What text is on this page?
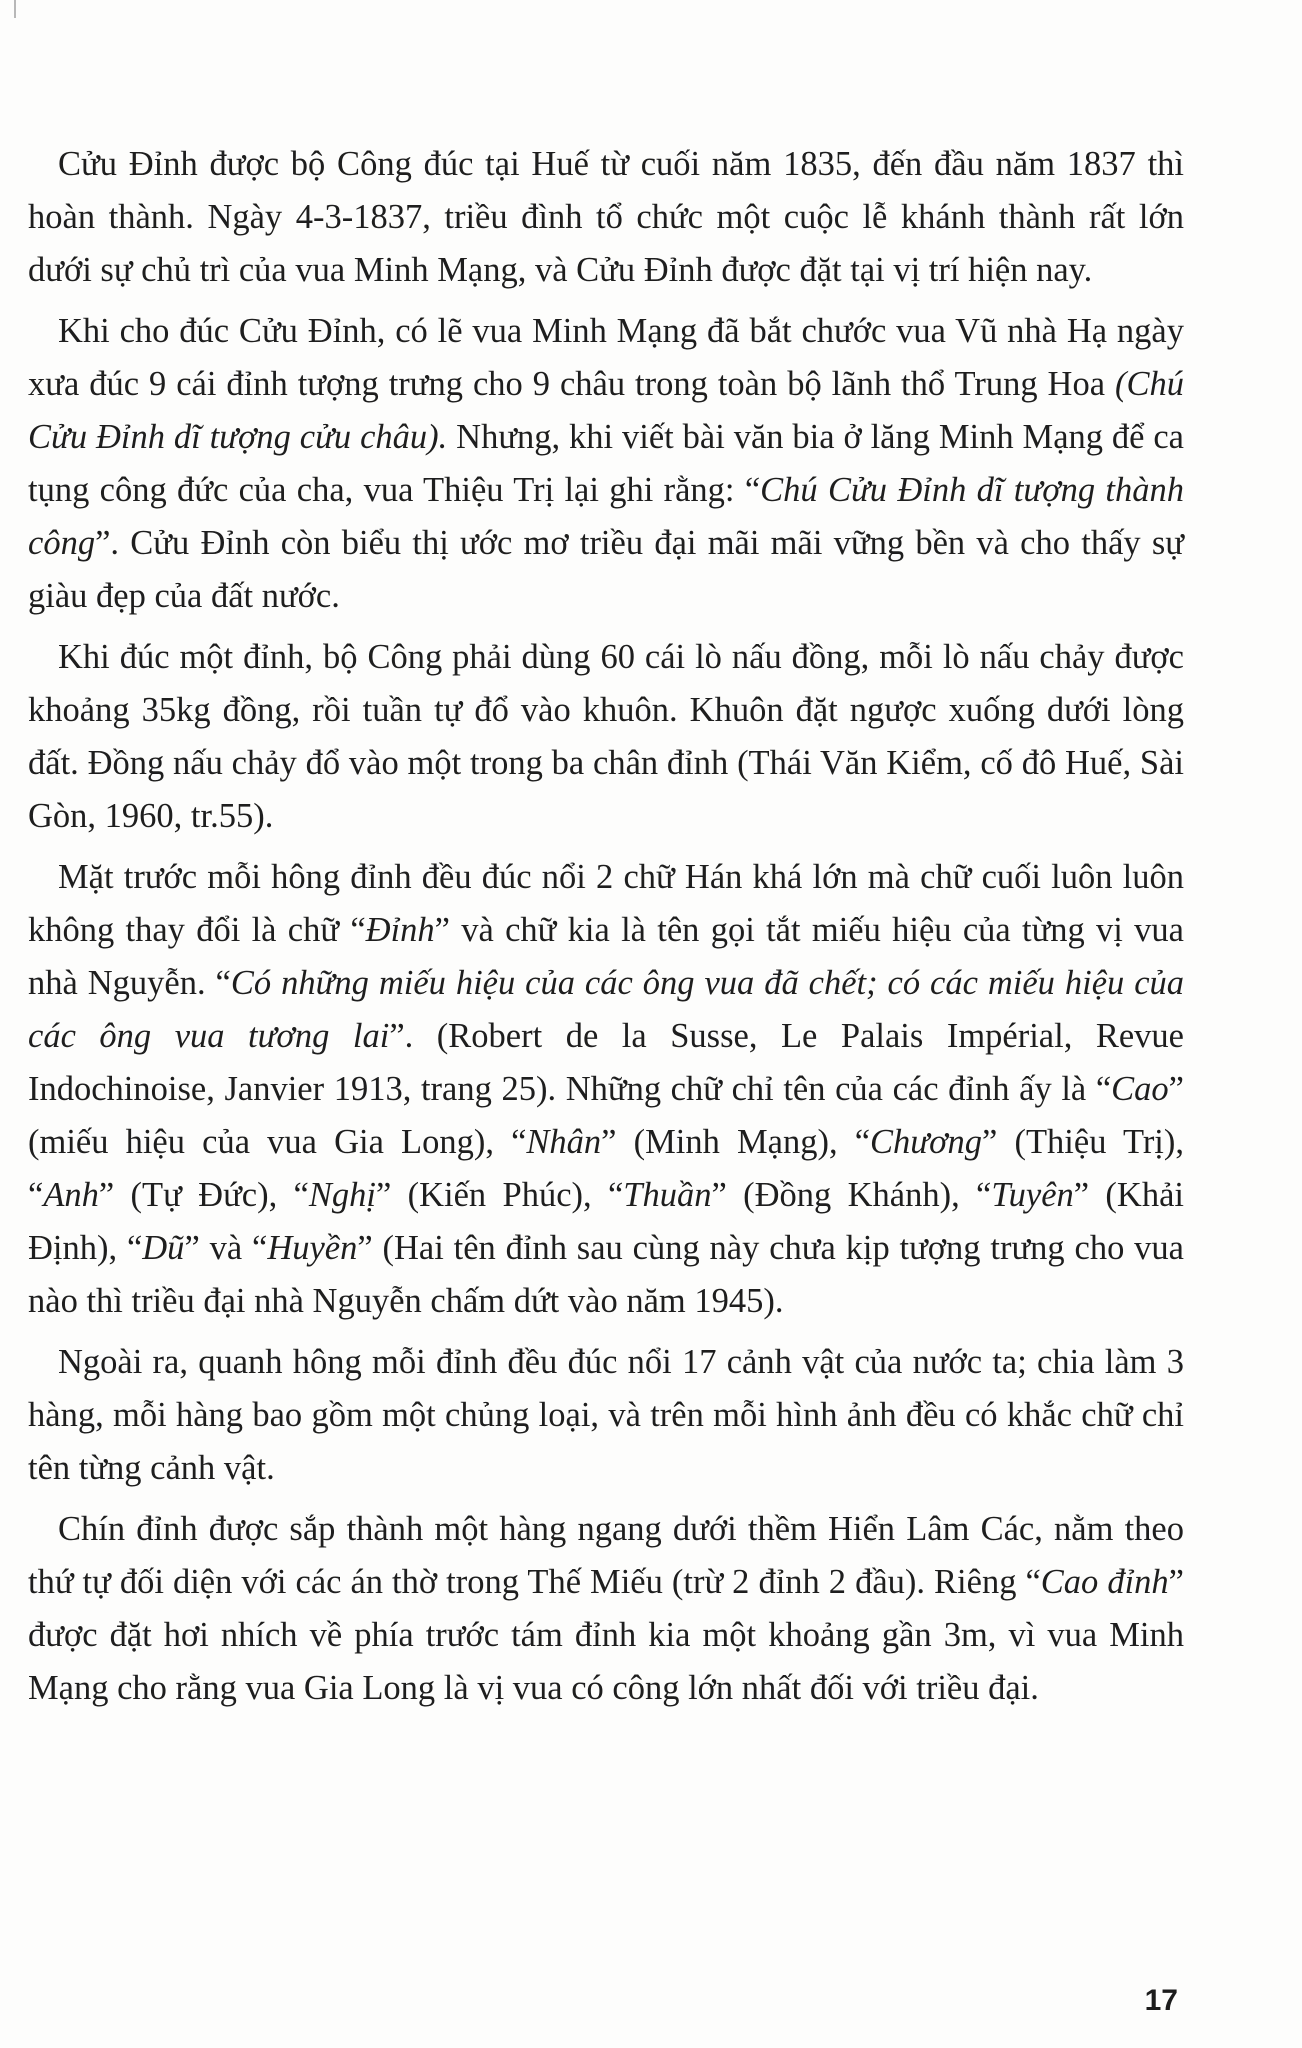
Cửu Đỉnh được bộ Công đúc tại Huế từ cuối năm 1835, đến đầu năm 1837 thì hoàn thành. Ngày 4-3-1837, triều đình tổ chức một cuộc lễ khánh thành rất lớn dưới sự chủ trì của vua Minh Mạng, và Cửu Đỉnh được đặt tại vị trí hiện nay.

Khi cho đúc Cửu Đỉnh, có lẽ vua Minh Mạng đã bắt chước vua Vũ nhà Hạ ngày xưa đúc 9 cái đỉnh tượng trưng cho 9 châu trong toàn bộ lãnh thổ Trung Hoa (Chú Cửu Đỉnh dĩ tượng cửu châu). Nhưng, khi viết bài văn bia ở lăng Minh Mạng để ca tụng công đức của cha, vua Thiệu Trị lại ghi rằng: “Chú Cửu Đỉnh dĩ tượng thành công”. Cửu Đỉnh còn biểu thị ước mơ triều đại mãi mãi vững bền và cho thấy sự giàu đẹp của đất nước.

Khi đúc một đỉnh, bộ Công phải dùng 60 cái lò nấu đồng, mỗi lò nấu chảy được khoảng 35kg đồng, rồi tuần tự đổ vào khuôn. Khuôn đặt ngược xuống dưới lòng đất. Đồng nấu chảy đổ vào một trong ba chân đỉnh (Thái Văn Kiểm, cố đô Huế, Sài Gòn, 1960, tr.55).

Mặt trước mỗi hông đỉnh đều đúc nổi 2 chữ Hán khá lớn mà chữ cuối luôn luôn không thay đổi là chữ “Đỉnh” và chữ kia là tên gọi tắt miếu hiệu của từng vị vua nhà Nguyễn. “Có những miếu hiệu của các ông vua đã chết; có các miếu hiệu của các ông vua tương lai”. (Robert de la Susse, Le Palais Impérial, Revue Indochinoise, Janvier 1913, trang 25). Những chữ chỉ tên của các đỉnh ấy là “Cao” (miếu hiệu của vua Gia Long), “Nhân” (Minh Mạng), “Chương” (Thiệu Trị), “Anh” (Tự Đức), “Nghị” (Kiến Phúc), “Thuần” (Đồng Khánh), “Tuyên” (Khải Định), “Dũ” và “Huyền” (Hai tên đỉnh sau cùng này chưa kịp tượng trưng cho vua nào thì triều đại nhà Nguyễn chấm dứt vào năm 1945).

Ngoài ra, quanh hông mỗi đỉnh đều đúc nổi 17 cảnh vật của nước ta; chia làm 3 hàng, mỗi hàng bao gồm một chủng loại, và trên mỗi hình ảnh đều có khắc chữ chỉ tên từng cảnh vật.

Chín đỉnh được sắp thành một hàng ngang dưới thềm Hiển Lâm Các, nằm theo thứ tự đối diện với các án thờ trong Thế Miếu (trừ 2 đỉnh 2 đầu). Riêng “Cao đỉnh” được đặt hơi nhích về phía trước tám đỉnh kia một khoảng gần 3m, vì vua Minh Mạng cho rằng vua Gia Long là vị vua có công lớn nhất đối với triều đại.

17
